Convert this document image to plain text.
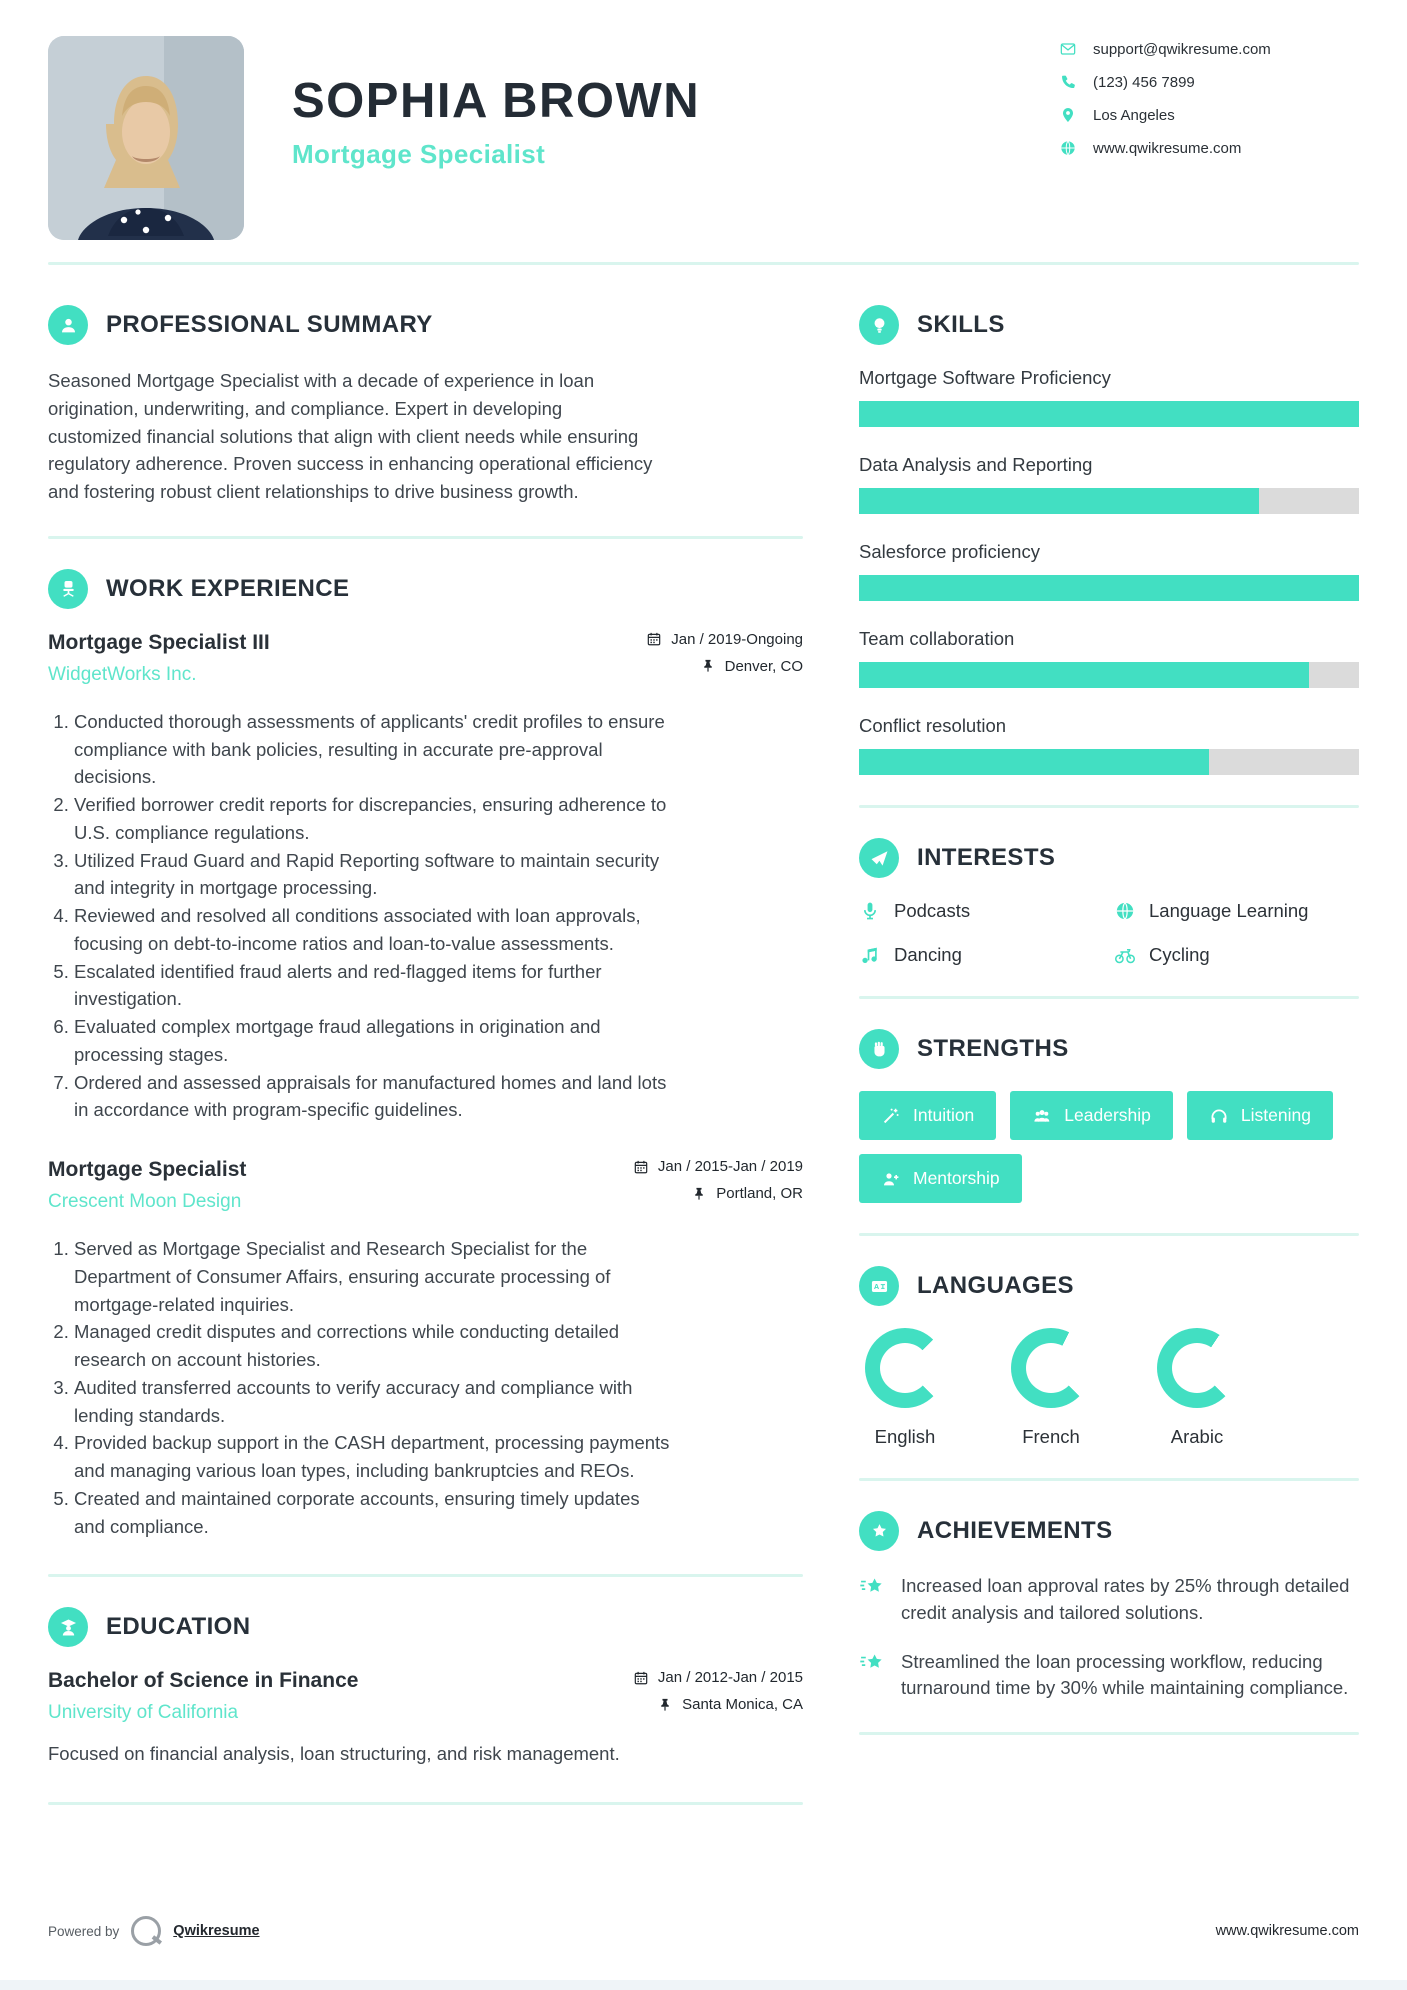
SOPHIA BROWN
Mortgage Specialist
support@qwikresume.com
(123) 456 7899
Los Angeles
www.qwikresume.com
PROFESSIONAL SUMMARY

Seasoned Mortgage Specialist with a decade of experience in loan origination, underwriting, and compliance. Expert in developing customized financial solutions that align with client needs while ensuring regulatory adherence. Proven success in enhancing operational efficiency and fostering robust client relationships to drive business growth.

WORK EXPERIENCE
Mortgage Specialist III
WidgetWorks Inc.
Jan / 2019-Ongoing
Denver, CO
1. Conducted thorough assessments of applicants' credit profiles to ensure compliance with bank policies, resulting in accurate pre-approval decisions.
2. Verified borrower credit reports for discrepancies, ensuring adherence to U.S. compliance regulations.
3. Utilized Fraud Guard and Rapid Reporting software to maintain security and integrity in mortgage processing.
4. Reviewed and resolved all conditions associated with loan approvals, focusing on debt-to-income ratios and loan-to-value assessments.
5. Escalated identified fraud alerts and red-flagged items for further investigation.
6. Evaluated complex mortgage fraud allegations in origination and processing stages.
7. Ordered and assessed appraisals for manufactured homes and land lots in accordance with program-specific guidelines.
Mortgage Specialist
Crescent Moon Design
Jan / 2015-Jan / 2019
Portland, OR
1. Served as Mortgage Specialist and Research Specialist for the Department of Consumer Affairs, ensuring accurate processing of mortgage-related inquiries.
2. Managed credit disputes and corrections while conducting detailed research on account histories.
3. Audited transferred accounts to verify accuracy and compliance with lending standards.
4. Provided backup support in the CASH department, processing payments and managing various loan types, including bankruptcies and REOs.
5. Created and maintained corporate accounts, ensuring timely updates and compliance.
EDUCATION
Bachelor of Science in Finance
University of California
Jan / 2012-Jan / 2015
Santa Monica, CA

Focused on financial analysis, loan structuring, and risk management.

SKILLS
Mortgage Software Proficiency
Data Analysis and Reporting
Salesforce proficiency
Team collaboration
Conflict resolution
INTERESTS
Podcasts	Language Learning
Dancing	Cycling
STRENGTHS
Intuition	Leadership	Listening
Mentorship
A LANGUAGES
English	French	Arabic
ACHIEVEMENTS

Increased loan approval rates by 25% through detailed credit analysis and tailored solutions.

Streamlined the loan processing workflow, reducing turnaround time by 30% while maintaining compliance.

Powered by	Qwikresume	www.qwikresume.com
